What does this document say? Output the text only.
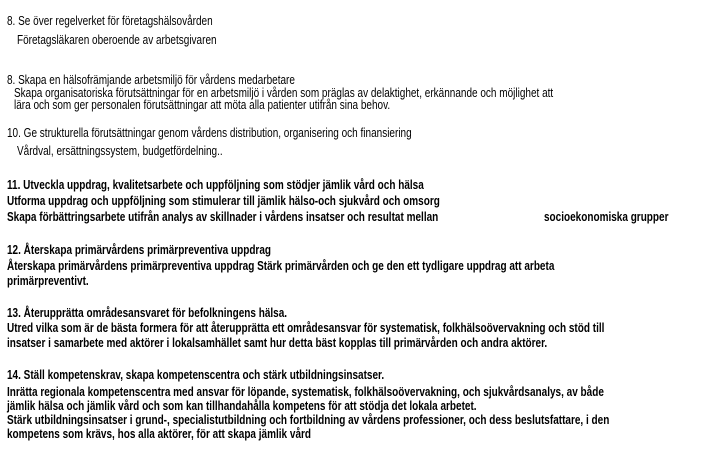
8. Se över regelverket för företagshälsovården
Företagsläkaren oberoende av arbetsgivaren
8. Skapa en hälsofrämjande arbetsmiljö för vårdens medarbetare
Skapa organisatoriska förutsättningar för en arbetsmiljö i vården som präglas av delaktighet, erkännande och möjlighet att
lära och som ger personalen förutsättningar att möta alla patienter utifrån sina behov.
10. Ge strukturella förutsättningar genom vårdens distribution, organisering och finansiering
Vårdval, ersättningssystem, budgetfördelning..
11. Utveckla uppdrag, kvalitetsarbete och uppföljning som stödjer jämlik vård och hälsa
Utforma uppdrag och uppföljning som stimulerar till jämlik hälso-och sjukvård och omsorg
Skapa förbättringsarbete utifrån analys av skillnader i vårdens insatser och resultat mellan	socioekonomiska grupper
12. Återskapa primärvårdens primärpreventiva uppdrag
Återskapa primärvårdens primärpreventiva uppdrag Stärk primärvården och ge den ett tydligare uppdrag att arbeta
primärpreventivt.
13. Återupprätta områdesansvaret för befolkningens hälsa.
Utred vilka som är de bästa formera för att återupprätta ett områdesansvar för systematisk, folkhälsoövervakning och stöd till
insatser i samarbete med aktörer i lokalsamhället samt hur detta bäst kopplas till primärvården och andra aktörer.
14. Ställ kompetenskrav, skapa kompetenscentra och stärk utbildningsinsatser.
Inrätta regionala kompetenscentra med ansvar för löpande, systematisk, folkhälsoövervakning, och sjukvårdsanalys, av både
jämlik hälsa och jämlik vård och som kan tillhandahålla kompetens för att stödja det lokala arbetet.
Stärk utbildningsinsatser i grund-, specialistutbildning och fortbildning av vårdens professioner, och dess beslutsfattare, i den
kompetens som krävs, hos alla aktörer, för att skapa jämlik vård
